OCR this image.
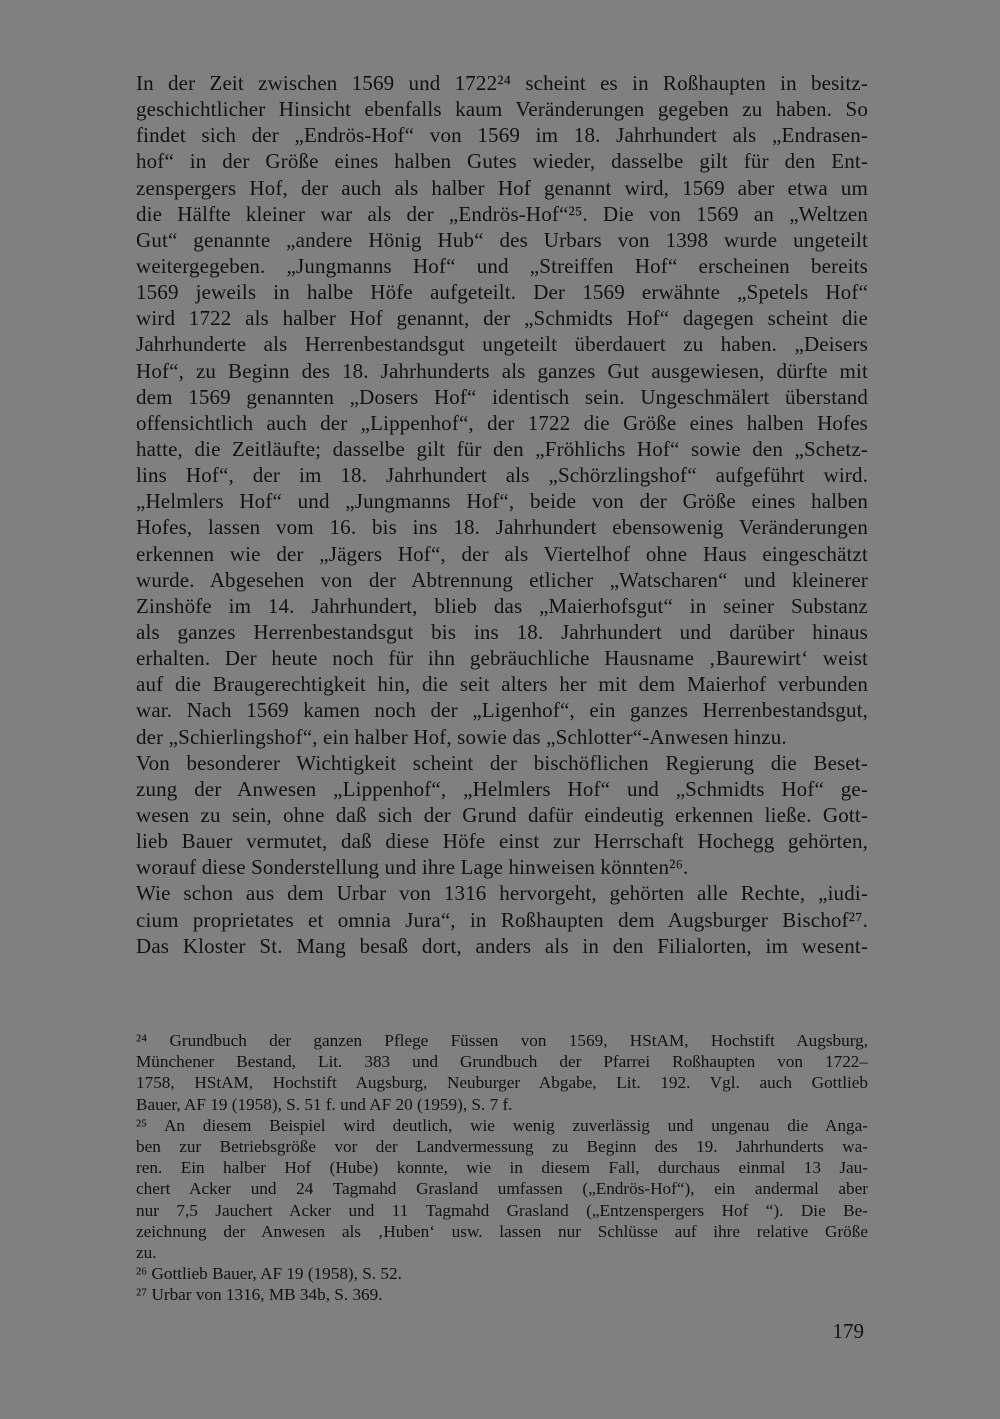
In der Zeit zwischen 1569 und 1722²⁴ scheint es in Roßhaupten in besitz-
geschichtlicher Hinsicht ebenfalls kaum Veränderungen gegeben zu haben. So
findet sich der „Endrös-Hof“ von 1569 im 18. Jahrhundert als „Endrasen-
hof“ in der Größe eines halben Gutes wieder, dasselbe gilt für den Ent-
zenspergers Hof, der auch als halber Hof genannt wird, 1569 aber etwa um
die Hälfte kleiner war als der „Endrös-Hof“²⁵. Die von 1569 an „Weltzen
Gut“ genannte „andere Hönig Hub“ des Urbars von 1398 wurde ungeteilt
weitergegeben. „Jungmanns Hof“ und „Streiffen Hof“ erscheinen bereits
1569 jeweils in halbe Höfe aufgeteilt. Der 1569 erwähnte „Spetels Hof“
wird 1722 als halber Hof genannt, der „Schmidts Hof“ dagegen scheint die
Jahrhunderte als Herrenbestandsgut ungeteilt überdauert zu haben. „Deisers
Hof“, zu Beginn des 18. Jahrhunderts als ganzes Gut ausgewiesen, dürfte mit
dem 1569 genannten „Dosers Hof“ identisch sein. Ungeschmälert überstand
offensichtlich auch der „Lippenhof“, der 1722 die Größe eines halben Hofes
hatte, die Zeitläufte; dasselbe gilt für den „Fröhlichs Hof“ sowie den „Schetz-
lins Hof“, der im 18. Jahrhundert als „Schörzlingshof“ aufgeführt wird.
„Helmlers Hof“ und „Jungmanns Hof“, beide von der Größe eines halben
Hofes, lassen vom 16. bis ins 18. Jahrhundert ebensowenig Veränderungen
erkennen wie der „Jägers Hof“, der als Viertelhof ohne Haus eingeschätzt
wurde. Abgesehen von der Abtrennung etlicher „Watscharen“ und kleinerer
Zinshöfe im 14. Jahrhundert, blieb das „Maierhofsgut“ in seiner Substanz
als ganzes Herrenbestandsgut bis ins 18. Jahrhundert und darüber hinaus
erhalten. Der heute noch für ihn gebräuchliche Hausname ‚Baurewirt‘ weist
auf die Braugerechtigkeit hin, die seit alters her mit dem Maierhof verbunden
war. Nach 1569 kamen noch der „Ligenhof“, ein ganzes Herrenbestandsgut,
der „Schierlingshof“, ein halber Hof, sowie das „Schlotter“-Anwesen hinzu.
Von besonderer Wichtigkeit scheint der bischöflichen Regierung die Beset-
zung der Anwesen „Lippenhof“, „Helmlers Hof“ und „Schmidts Hof“ ge-
wesen zu sein, ohne daß sich der Grund dafür eindeutig erkennen ließe. Gott-
lieb Bauer vermutet, daß diese Höfe einst zur Herrschaft Hochegg gehörten,
worauf diese Sonderstellung und ihre Lage hinweisen könnten²⁶.
Wie schon aus dem Urbar von 1316 hervorgeht, gehörten alle Rechte, „iudi-
cium proprietates et omnia Jura“, in Roßhaupten dem Augsburger Bischof²⁷.
Das Kloster St. Mang besaß dort, anders als in den Filialorten, im wesent-
²⁴ Grundbuch der ganzen Pflege Füssen von 1569, HStAM, Hochstift Augsburg,
Münchener Bestand, Lit. 383 und Grundbuch der Pfarrei Roßhaupten von 1722–
1758, HStAM, Hochstift Augsburg, Neuburger Abgabe, Lit. 192. Vgl. auch Gottlieb
Bauer, AF 19 (1958), S. 51 f. und AF 20 (1959), S. 7 f.
²⁵ An diesem Beispiel wird deutlich, wie wenig zuverlässig und ungenau die Anga-
ben zur Betriebsgröße vor der Landvermessung zu Beginn des 19. Jahrhunderts wa-
ren. Ein halber Hof (Hube) konnte, wie in diesem Fall, durchaus einmal 13 Jau-
chert Acker und 24 Tagmahd Grasland umfassen („Endrös-Hof“), ein andermal aber
nur 7,5 Jauchert Acker und 11 Tagmahd Grasland („Entzenspergers Hof “). Die Be-
zeichnung der Anwesen als ‚Huben‘ usw. lassen nur Schlüsse auf ihre relative Größe
zu.
²⁶ Gottlieb Bauer, AF 19 (1958), S. 52.
²⁷ Urbar von 1316, MB 34b, S. 369.
179
